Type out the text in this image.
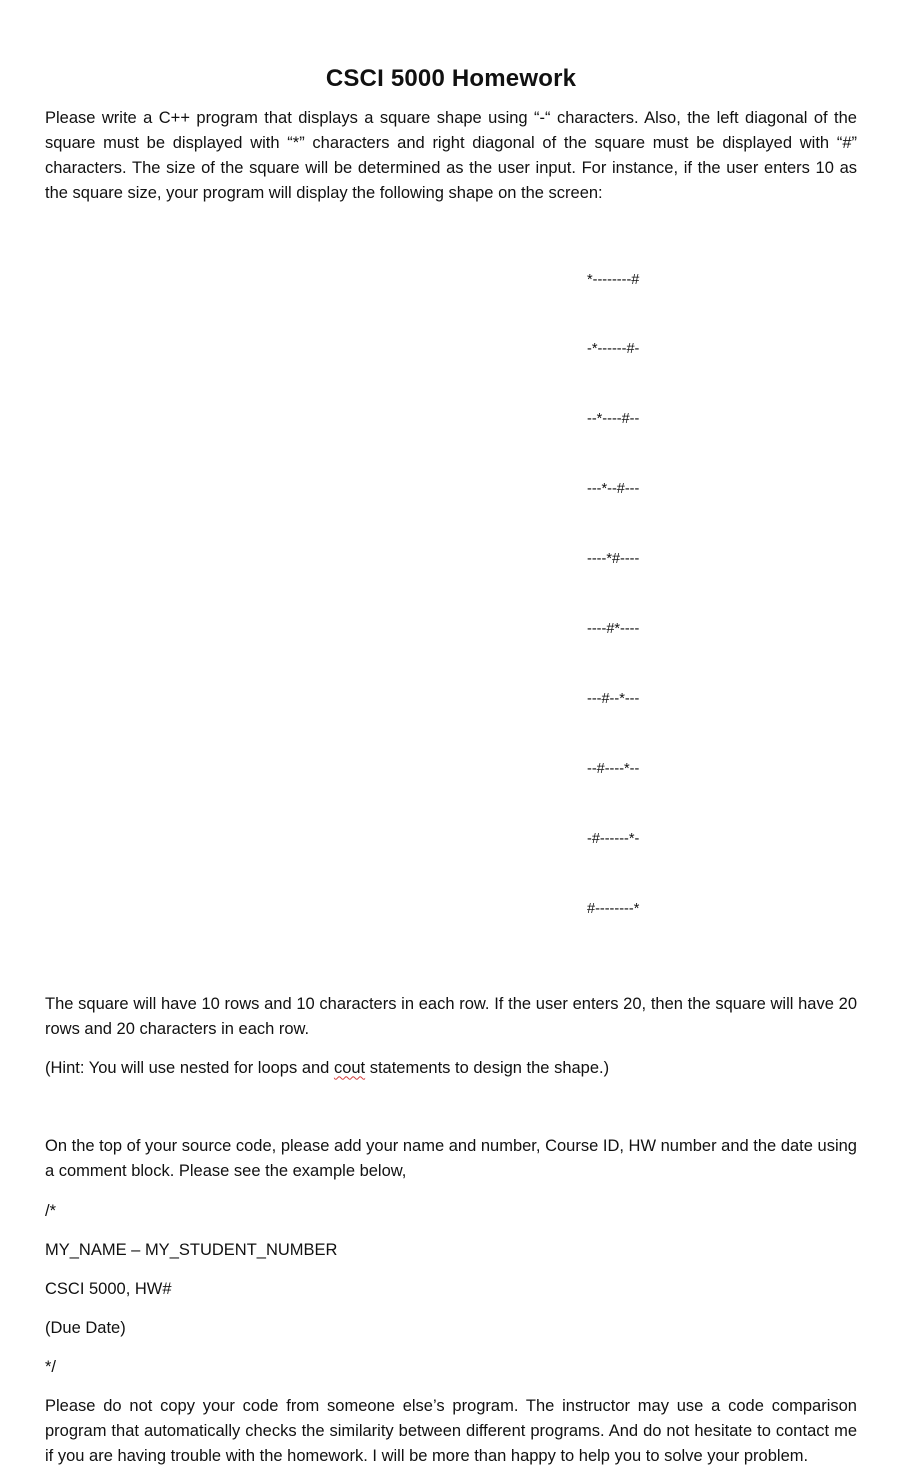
CSCI 5000 Homework

Please write a C++ program that displays a square shape using “-“ characters. Also, the left diagonal of the square must be displayed with “*” characters and right diagonal of the square must be displayed with “#” characters. The size of the square will be determined as the user input. For instance, if the user enters 10 as the square size, your program will display the following shape on the screen:

*--------#

-*------#-

--*----#--

---*--#---

----*#----

----#*----

---#--*---

--#----*--

-#------*-

#--------*

The square will have 10 rows and 10 characters in each row. If the user enters 20, then the square will have 20 rows and 20 characters in each row.

(Hint: You will use nested for loops and cout statements to design the shape.)

On the top of your source code, please add your name and number, Course ID, HW number and the date using a comment block. Please see the example below,

/*

MY_NAME – MY_STUDENT_NUMBER

CSCI 5000, HW#

(Due Date)

*/

Please do not copy your code from someone else’s program. The instructor may use a code comparison program that automatically checks the similarity between different programs. And do not hesitate to contact me if you are having trouble with the homework. I will be more than happy to help you to solve your problem.
